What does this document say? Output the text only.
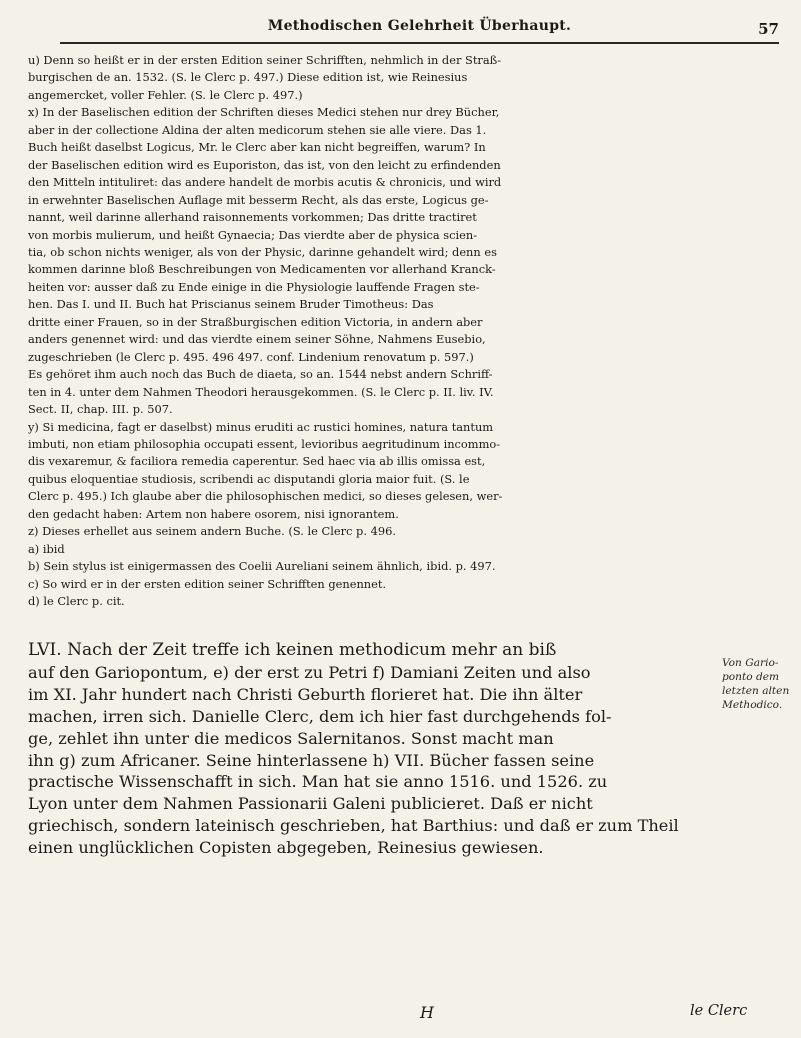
Methodischen Gelehrheit Überhaupt.	57
u) Denn so heißt er in der ersten Edition seiner Schrifften, nehmlich in der Straß-
burgischen de an. 1532. (S. le Clerc p. 497.) Diese edition ist, wie Reinesius
angemercket, voller Fehler. (S. le Clerc p. 497.)
x) In der Baselischen edition der Schriften dieses Medici stehen nur drey Bücher,
aber in der collectione Aldina der alten medicorum stehen sie alle viere. Das 1.
Buch heißt daselbst Logicus, Mr. le Clerc aber kan nicht begreiffen, warum? In
der Baselischen edition wird es Euporiston, das ist, von den leicht zu erfindenden
den Mitteln intituliret: das andere handelt de morbis acutis & chronicis, und wird
in erwehnter Baselischen Auflage mit besserm Recht, als das erste, Logicus ge-
nannt, weil darinne allerhand raisonnements vorkommen; Das dritte tractiret
von morbis mulierum, und heißt Gynaecia; Das vierdte aber de physica scien-
tia, ob schon nichts weniger, als von der Physic, darinne gehandelt wird; denn es
kommen darinne bloß Beschreibungen von Medicamenten vor allerhand Kranck-
heiten vor: ausser daß zu Ende einige in die Physiologie lauffende Fragen ste-
hen. Das I. und II. Buch hat Priscianus seinem Bruder Timotheus: Das
dritte einer Frauen, so in der Straßburgischen edition Victoria, in andern aber
anders genennet wird: und das vierdte einem seiner Söhne, Nahmens Eusebio,
zugeschrieben (le Clerc p. 495. 496 497. conf. Lindenium renovatum p. 597.)
Es gehöret ihm auch noch das Buch de diaeta, so an. 1544 nebst andern Schriff-
ten in 4. unter dem Nahmen Theodori herausgekommen. (S. le Clerc p. II. liv. IV.
Sect. II, chap. III. p. 507.
y) Si medicina, fagt er daselbst) minus eruditi ac rustici homines, natura tantum
imbuti, non etiam philosophia occupati essent, levioribus aegritudinum incommo-
dis vexaremur, & faciliora remedia caperentur. Sed haec via ab illis omissa est,
quibus eloquentiae studiosis, scribendi ac disputandi gloria maior fuit. (S. le
Clerc p. 495.) Ich glaube aber die philosophischen medici, so dieses gelesen, wer-
den gedacht haben: Artem non habere osorem, nisi ignorantem.
z) Dieses erhellet aus seinem andern Buche. (S. le Clerc p. 496.
a) ibid
b) Sein stylus ist einigermassen des Coelii Aureliani seinem ähnlich, ibid. p. 497.
c) So wird er in der ersten edition seiner Schrifften genennet.
d) le Clerc p. cit.
LVI. Nach der Zeit treffe ich keinen methodicum mehr an biß
auf den Gariopontum, e) der erst zu Petri f) Damiani Zeiten und also
im XI. Jahr hundert nach Christi Geburth florieret hat. Die ihn älter
machen, irren sich. Danielle Clerc, dem ich hier fast durchgehends fol-
ge, zehlet ihn unter die medicos Salernitanos. Sonst macht man
ihn g) zum Africaner. Seine hinterlassene h) VII. Bücher fassen seine
practische Wissenschafft in sich. Man hat sie anno 1516. und 1526. zu
Lyon unter dem Nahmen Passionarii Galeni publicieret. Daß er nicht
griechisch, sondern lateinisch geschrieben, hat Barthius: und daß er zum Theil
einen unglücklichen Copisten abgegeben, Reinesius gewiesen.
Von Gario-ponto dem letzten alten Methodico.
H	le Clerc
